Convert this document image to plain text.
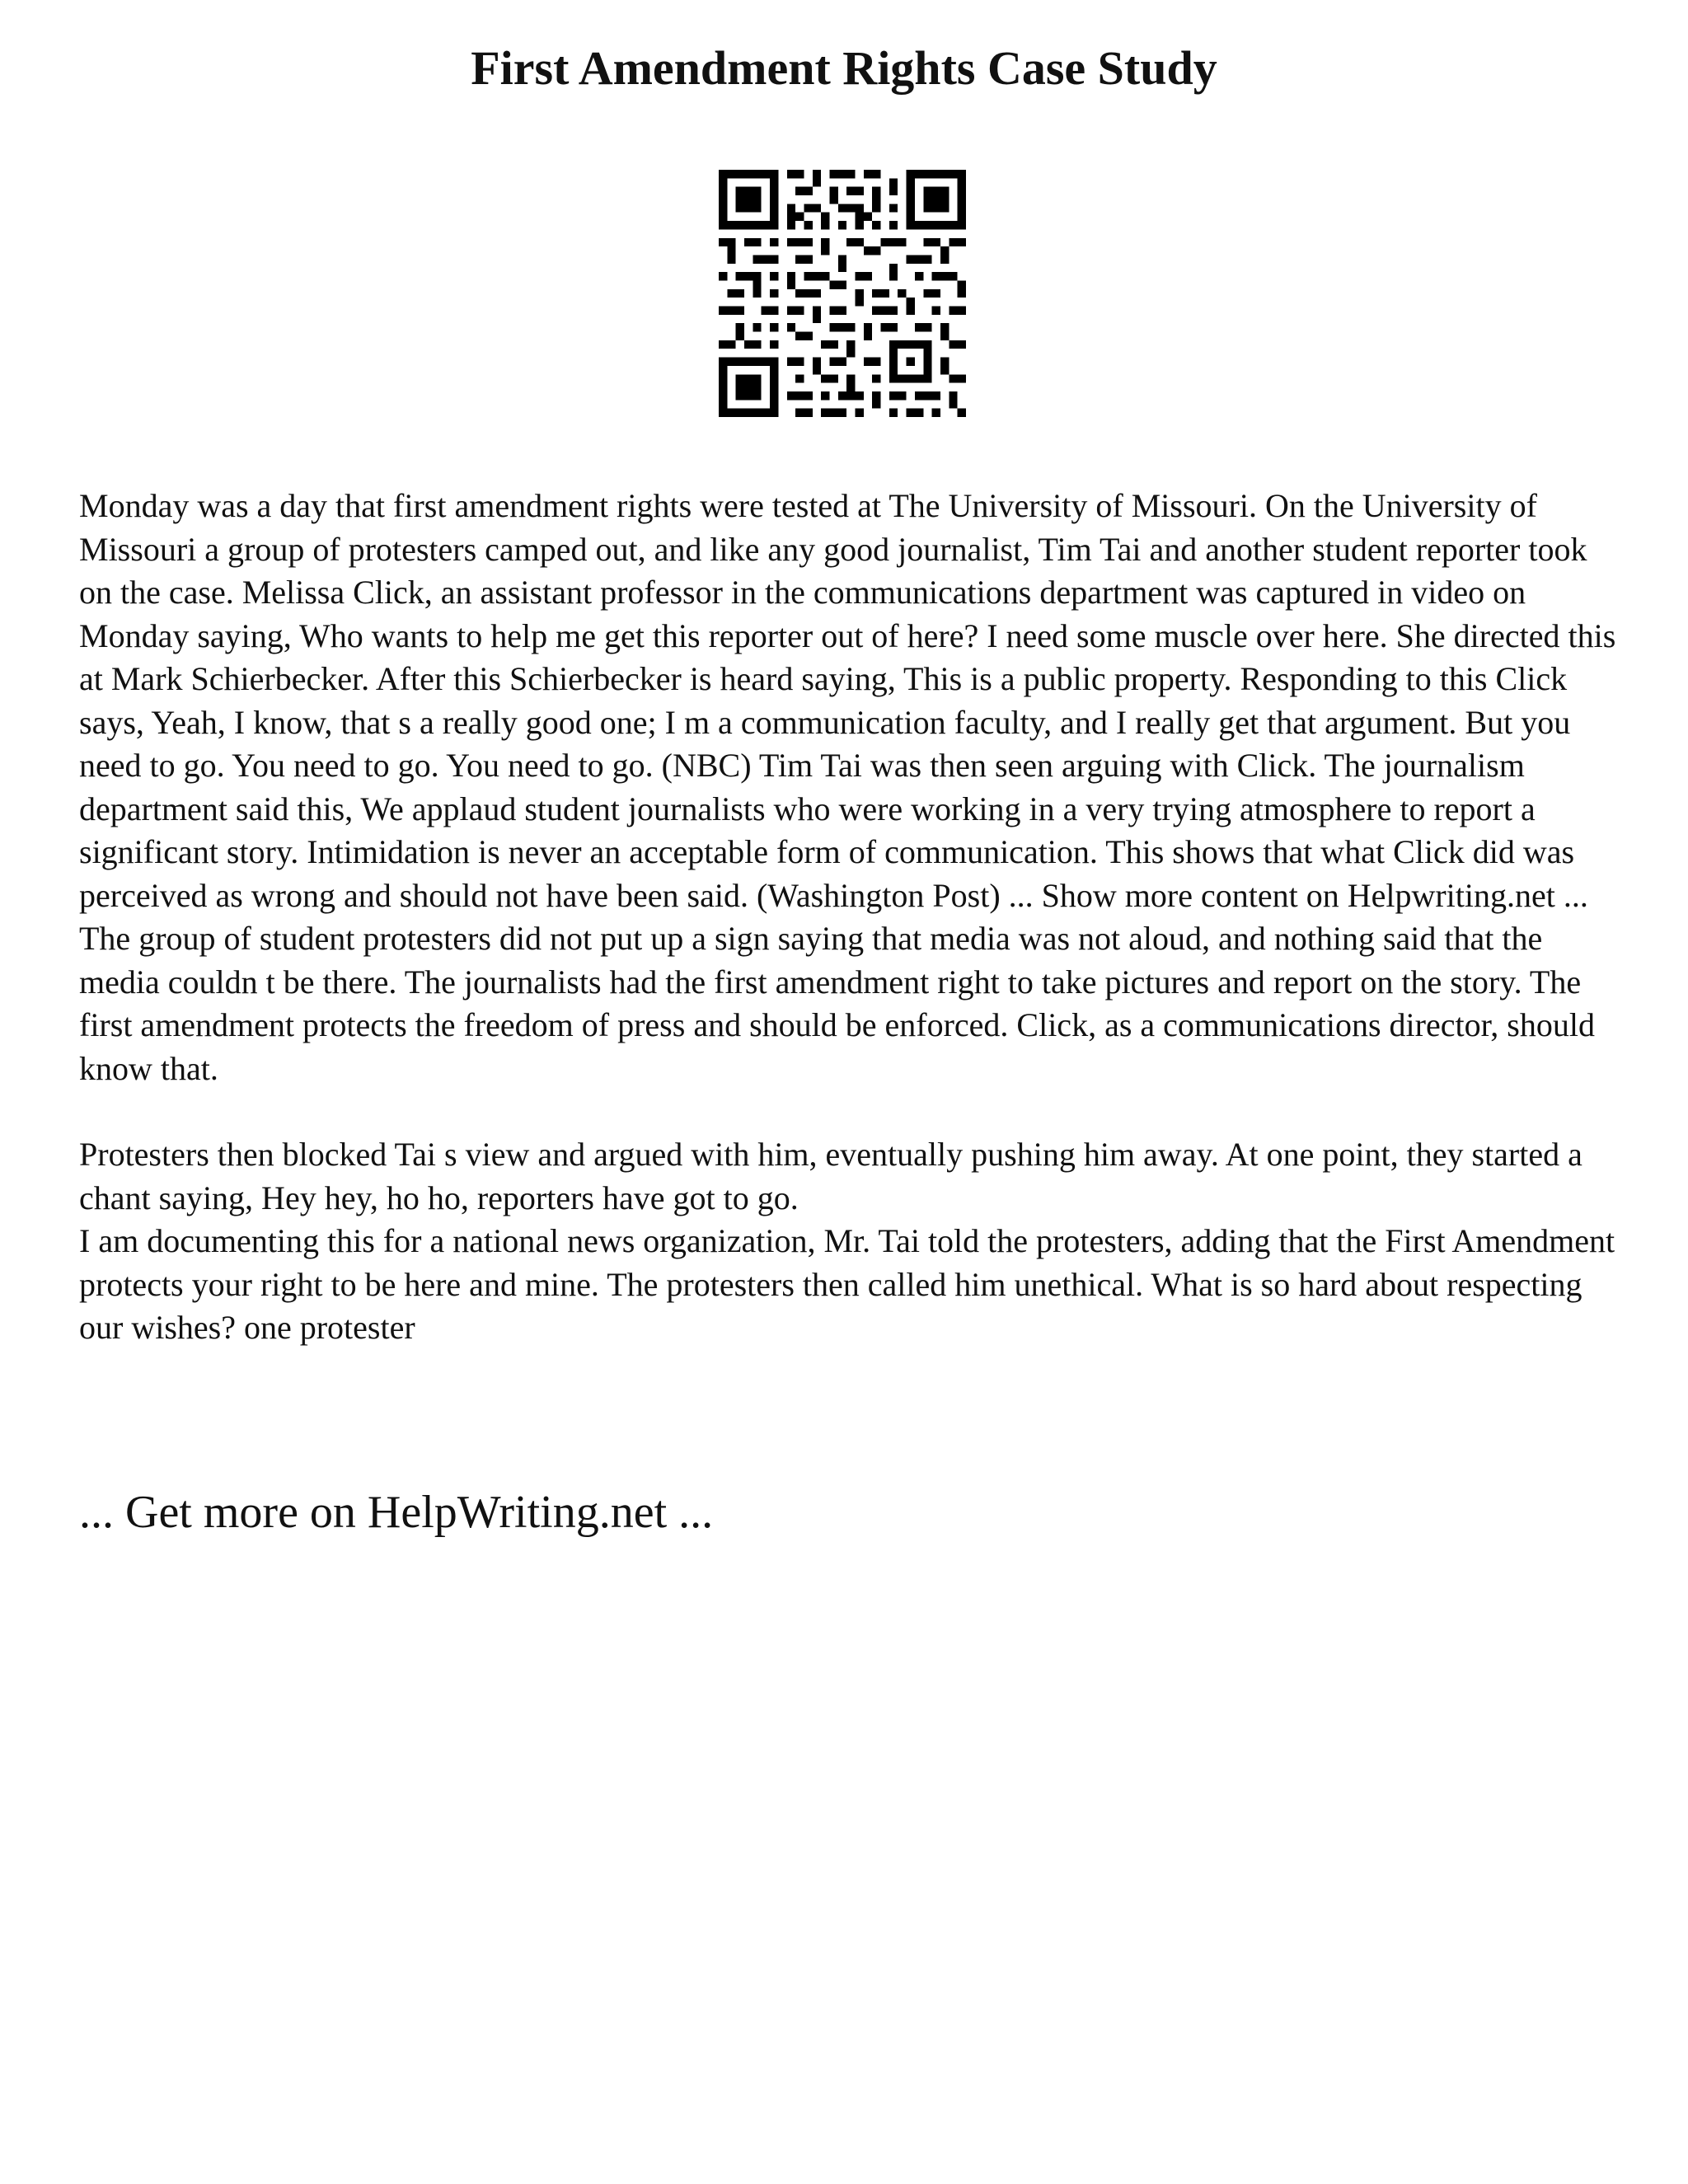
First Amendment Rights Case Study

Monday was a day that first amendment rights were tested at The University of Missouri. On the University of Missouri a group of protesters camped out, and like any good journalist, Tim Tai and another student reporter took on the case. Melissa Click, an assistant professor in the communications department was captured in video on Monday saying, Who wants to help me get this reporter out of here? I need some muscle over here. She directed this at Mark Schierbecker. After this Schierbecker is heard saying, This is a public property. Responding to this Click says, Yeah, I know, that s a really good one; I m a communication faculty, and I really get that argument. But you need to go. You need to go. You need to go. (NBC) Tim Tai was then seen arguing with Click. The journalism department said this, We applaud student journalists who were working in a very trying atmosphere to report a significant story. Intimidation is never an acceptable form of communication. This shows that what Click did was perceived as wrong and should not have been said. (Washington Post) ... Show more content on Helpwriting.net ...

The group of student protesters did not put up a sign saying that media was not aloud, and nothing said that the media couldn t be there. The journalists had the first amendment right to take pictures and report on the story. The first amendment protects the freedom of press and should be enforced. Click, as a communications director, should know that.

Protesters then blocked Tai s view and argued with him, eventually pushing him away. At one point, they started a chant saying, Hey hey, ho ho, reporters have got to go.

I am documenting this for a national news organization, Mr. Tai told the protesters, adding that the First Amendment protects your right to be here and mine. The protesters then called him unethical. What is so hard about respecting our wishes? one protester

... Get more on HelpWriting.net ...
